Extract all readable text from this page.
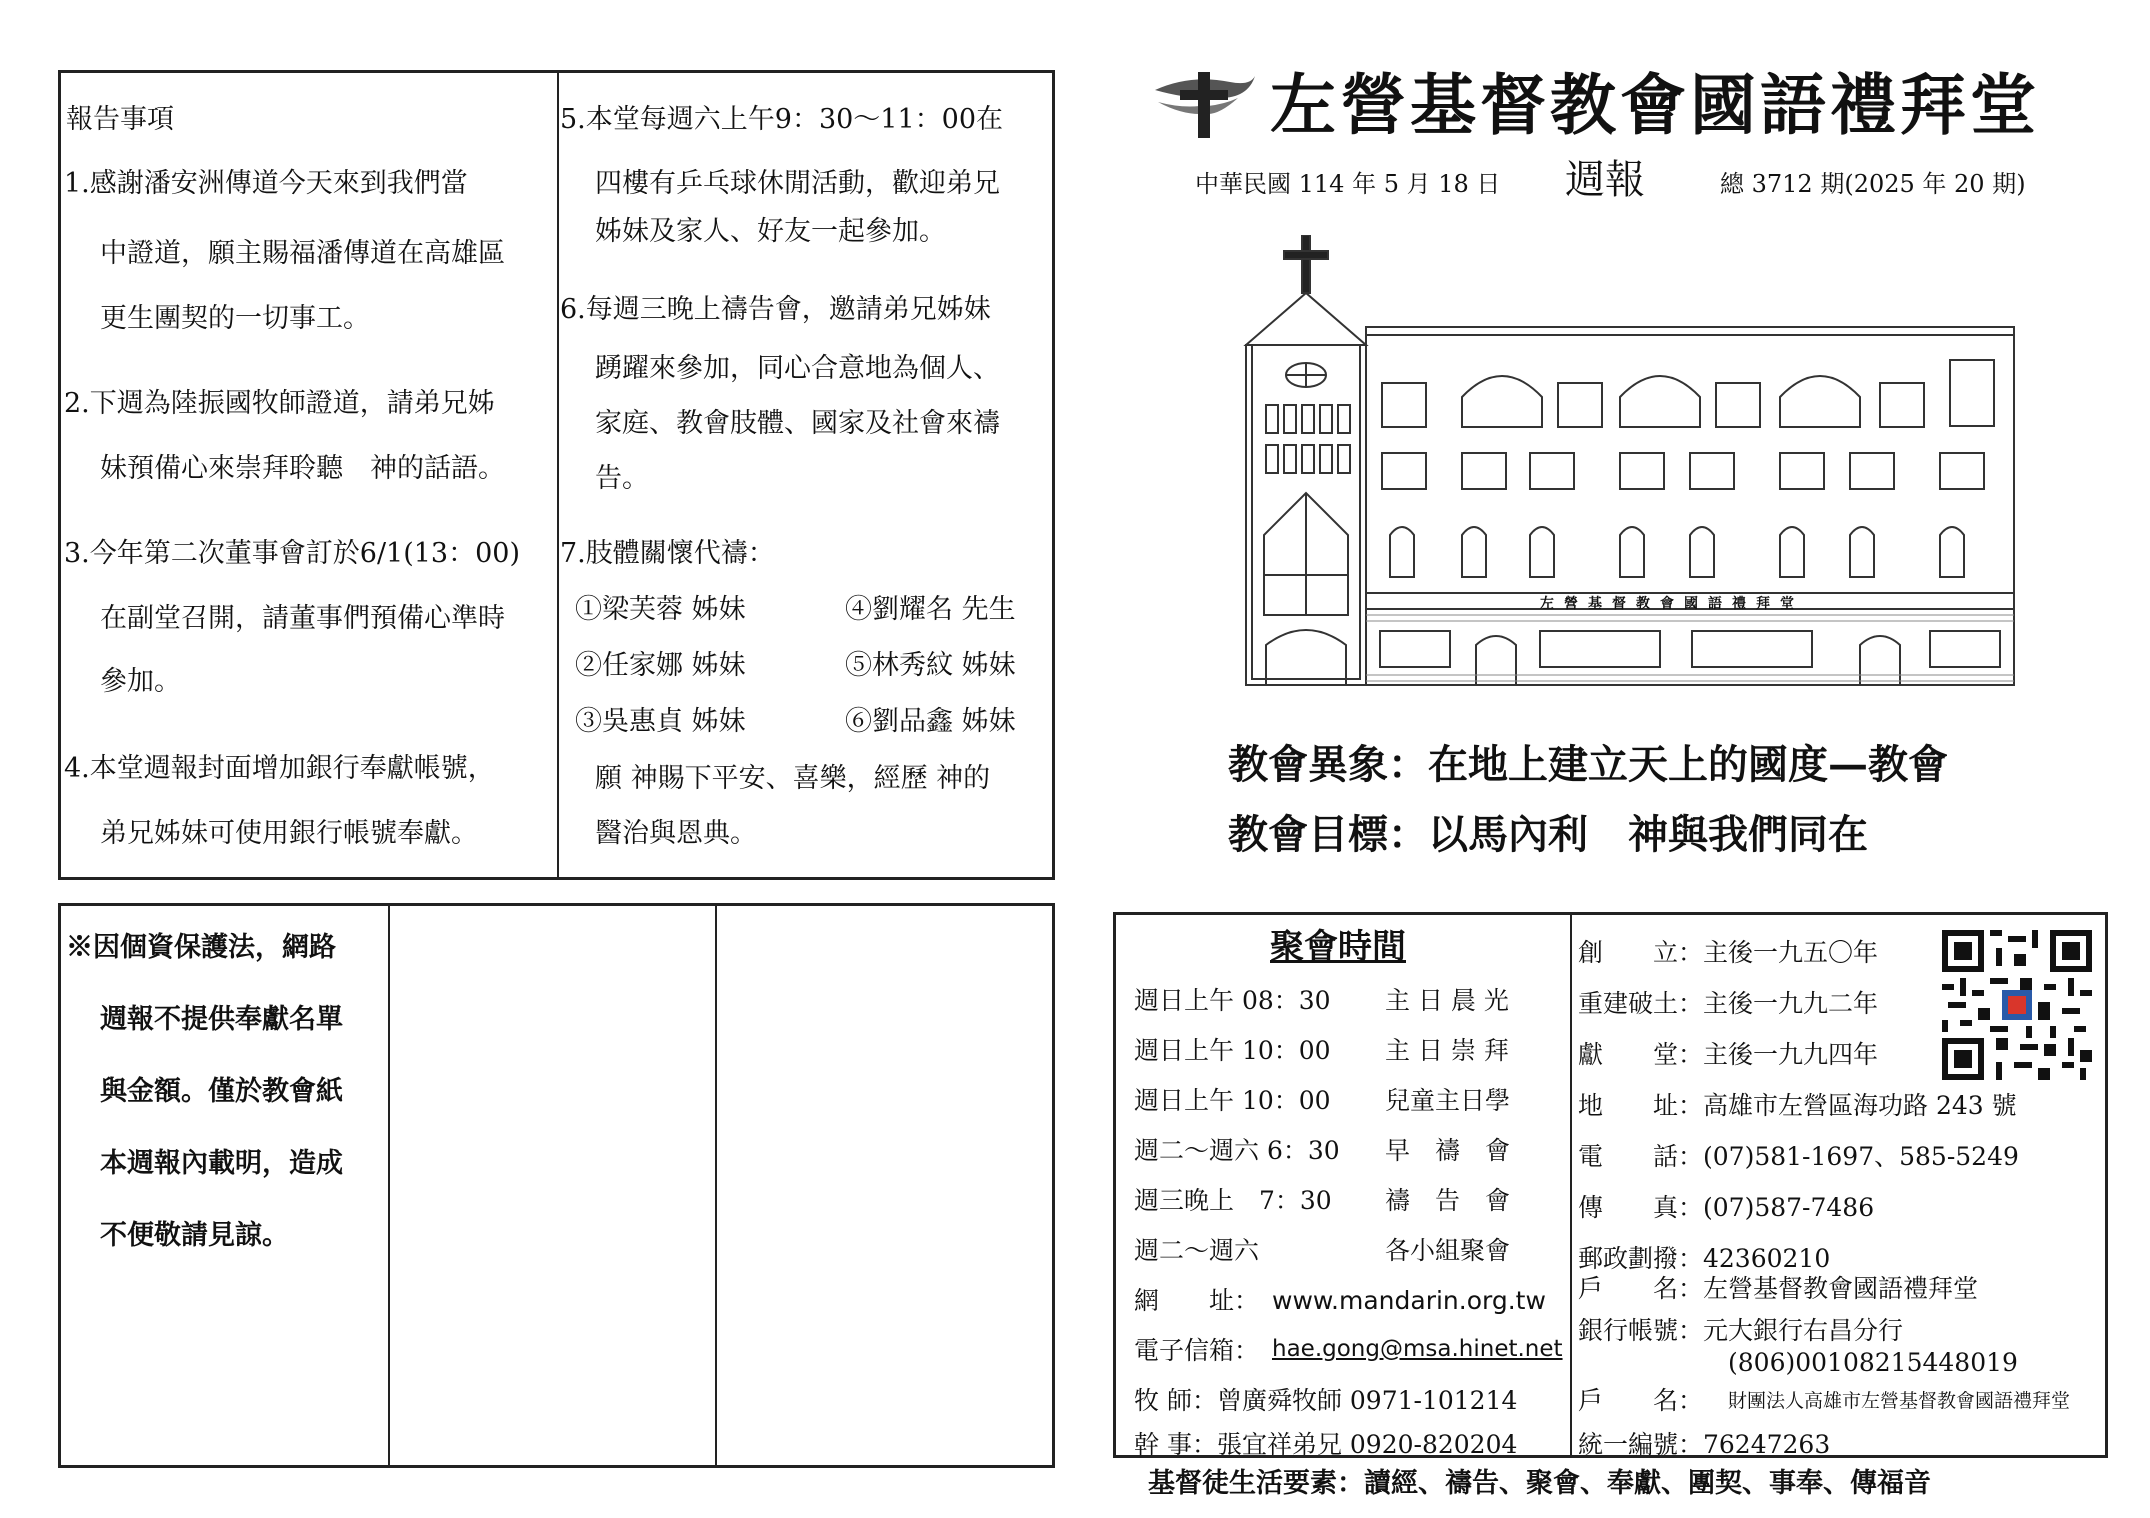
報告事項
1.感謝潘安洲傳道今天來到我們當
中證道，願主賜福潘傳道在高雄區
更生團契的一切事工。
2.下週為陸振國牧師證道，請弟兄姊
妹預備心來崇拜聆聽　神的話語。
3.今年第二次董事會訂於6/1(13：00)
在副堂召開，請董事們預備心準時
參加。
4.本堂週報封面增加銀行奉獻帳號，
弟兄姊妹可使用銀行帳號奉獻。
5.本堂每週六上午9：30～11：00在
四樓有乒乓球休閒活動，歡迎弟兄
姊妹及家人、好友一起參加。
6.每週三晚上禱告會，邀請弟兄姊妹
踴躍來參加，同心合意地為個人、
家庭、教會肢體、國家及社會來禱
告。
7.肢體關懷代禱：
①梁芙蓉 姊妹	④劉耀名 先生
②任家娜 姊妹	⑤林秀紋 姊妹
③吳惠貞 姊妹	⑥劉品鑫 姊妹
願 神賜下平安、喜樂，經歷 神的
醫治與恩典。
※因個資保護法，網路
週報不提供奉獻名單
與金額。僅於教會紙
本週報內載明，造成
不便敬請見諒。
左營基督教會國語禮拜堂
中華民國 114 年 5 月 18 日 週報	總 3712 期(2025 年 20 期)
左營基督教會國語禮拜堂
教會異象：在地上建立天上的國度—教會
教會目標：以馬內利　神與我們同在
聚會時間
週日上午 08：30 主 日 晨 光
週日上午 10：00 主 日 崇 拜
週日上午 10：00 兒童主日學
週二～週六 6：30 早　禱　會
週三晚上　7：30 禱　告　會
週二～週六	各小組聚會
網　　址： www.mandarin.org.tw
電子信箱： hae.gong@msa.hinet.net
牧 師：曾廣舜牧師 0971-101214
幹 事：張宜祥弟兄 0920-820204
創　　立：主後一九五〇年
重建破土：主後一九九二年
獻　　堂：主後一九九四年
地　　址：高雄市左營區海功路 243 號
電　　話：(07)581-1697、585-5249
傳　　真：(07)587-7486
郵政劃撥：42360210
戶　　名：左營基督教會國語禮拜堂
銀行帳號：元大銀行右昌分行
(806)00108215448019
戶　　名： 財團法人高雄市左營基督教會國語禮拜堂
統一編號：76247263
基督徒生活要素：讀經、禱告、聚會、奉獻、團契、事奉、傳福音
